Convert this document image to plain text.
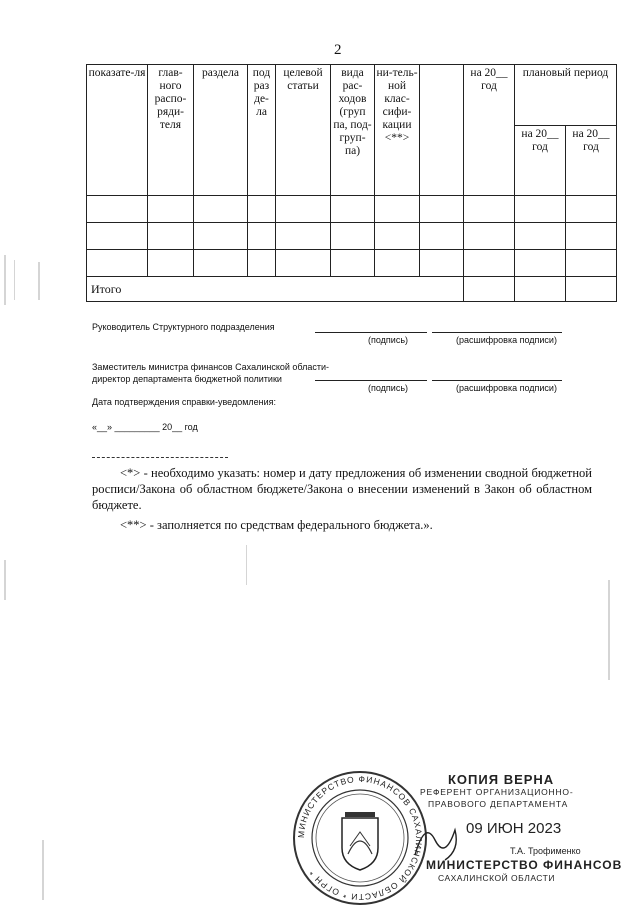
2
показате-ля	глав-ного распо-ряди-теля	раздела	под раз де-ла	целевой статьи	вида рас-ходов (груп па, под-груп-па)	ни-тель-ной клас-сифи-кации <**>		на 20__ год	плановый период	
									на 20__ год	на 20__ год

Итого										
Руководитель Структурного подразделения
(подпись)	(расшифровка подписи)
Заместитель министра финансов Сахалинской области-
директор департамента бюджетной политики
(подпись)	(расшифровка подписи)
Дата подтверждения справки-уведомления:
«__» _________ 20__ год
<*> - необходимо указать: номер и дату предложения об изменении сводной бюджетной росписи/Закона об областном бюджете/Закона о внесении изменений в Закон об областном бюджете.
<**> - заполняется по средствам федерального бюджета.».
МИНИСТЕРСТВО ФИНАНСОВ САХАЛИНСКОЙ ОБЛАСТИ * ОГРН *
КОПИЯ ВЕРНА
РЕФЕРЕНТ ОРГАНИЗАЦИОННО-
ПРАВОВОГО ДЕПАРТАМЕНТА
09 ИЮН 2023
Т.А. Трофименко
МИНИСТЕРСТВО ФИНАНСОВ
САХАЛИНСКОЙ ОБЛАСТИ
